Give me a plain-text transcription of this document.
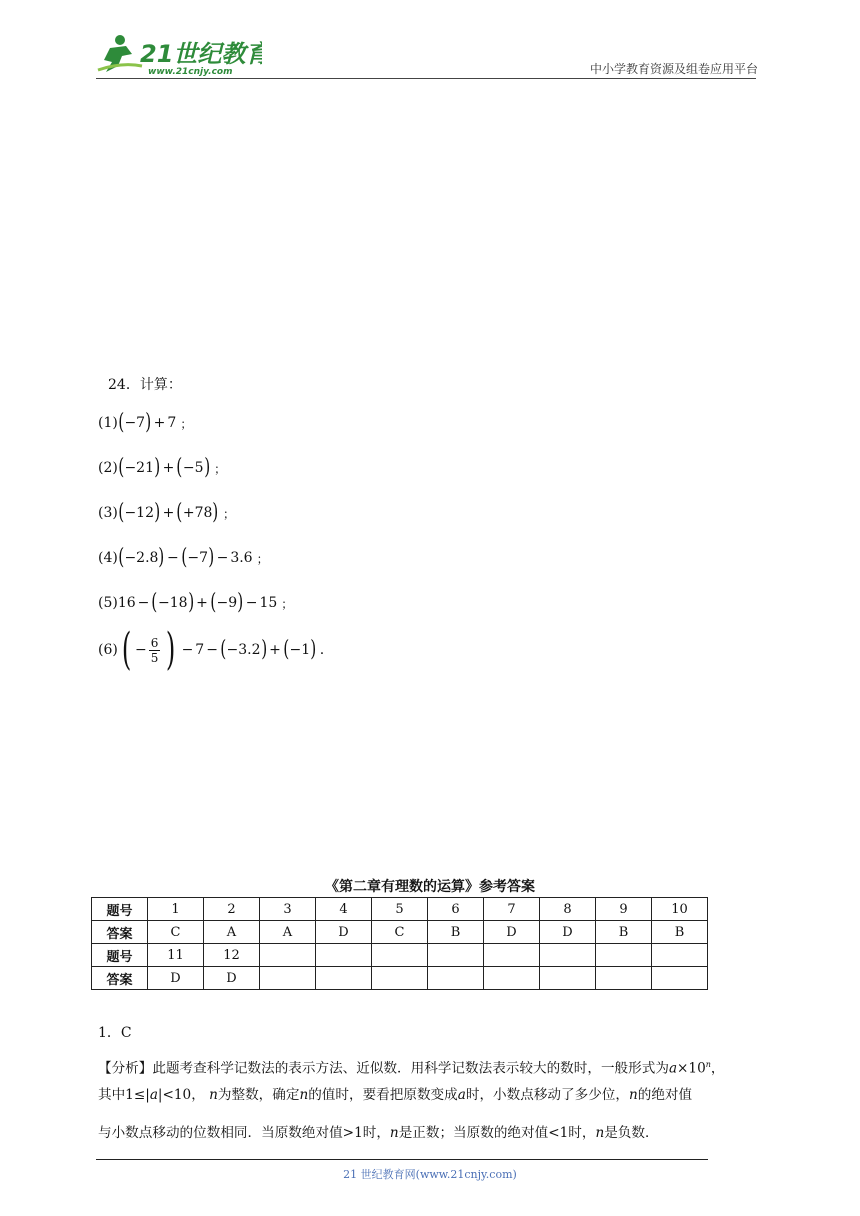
21世纪教育
www.21cnjy.com	中小学教育资源及组卷应用平台
24．计算：
(1) ( −7 ) + 7 ；
(2) ( −21 ) + ( −5 ) ；
(3) ( −12 ) + ( +78 ) ；
(4) ( −2.8 ) − ( −7 ) − 3.6 ；
(5) 16 − ( −18 ) + ( −9 ) − 15 ；
(6) ( − $\frac{6}{5}$ ) − 7 − ( −3.2 ) + ( −1 ) .
《第二章有理数的运算》参考答案
题号	1	2	3	4	5	6	7	8	9	10
答案	C	A	A	D	C	B	D	D	B	B
题号	11	12								
答案	D	D								
1．C
【分析】此题考查科学记数法的表示方法、近似数．用科学记数法表示较大的数时，一般形式为$a\times 10^n$，
其中1≤|a|<10， n为整数，确定n的值时，要看把原数变成a时，小数点移动了多少位，n的绝对值
与小数点移动的位数相同．当原数绝对值>1时，n是正数；当原数的绝对值<1时，n是负数．
21 世纪教育网(www.21cnjy.com)
